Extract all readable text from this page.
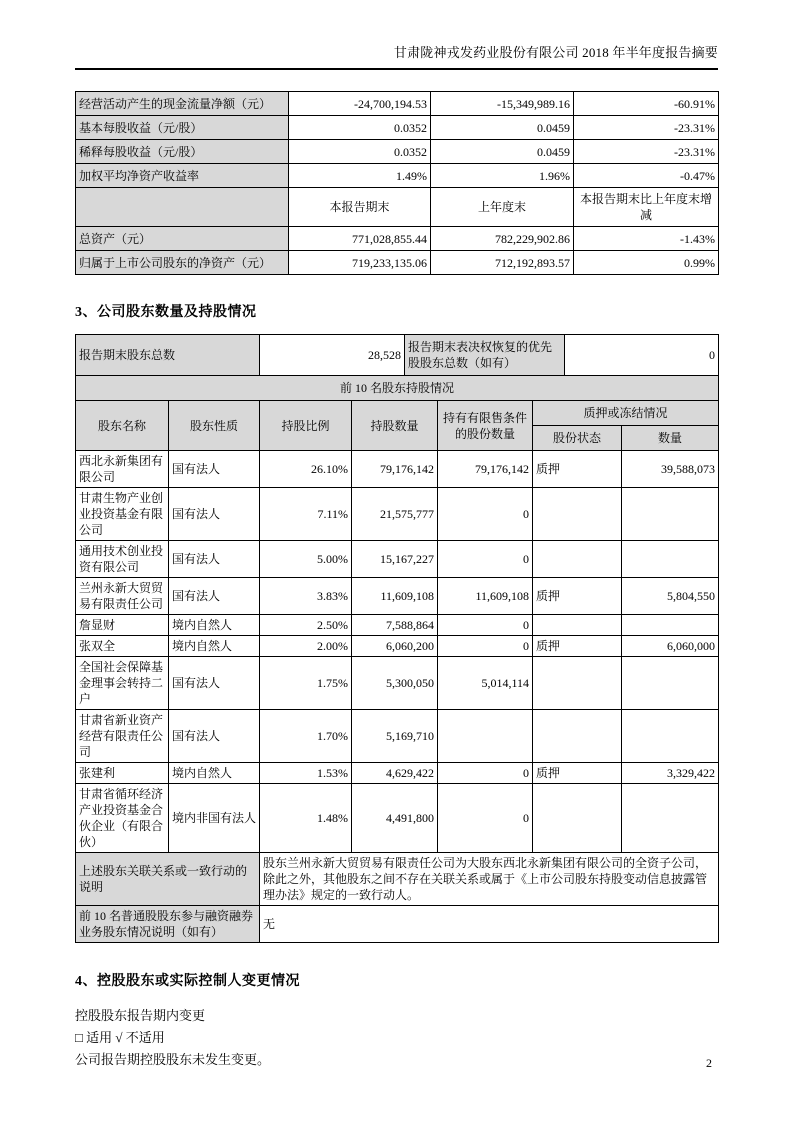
甘肃陇神戎发药业股份有限公司 2018 年半年度报告摘要
经营活动产生的现金流量净额（元）	-24,700,194.53	-15,349,989.16	-60.91%
基本每股收益（元/股）	0.0352	0.0459	-23.31%
稀释每股收益（元/股）	0.0352	0.0459	-23.31%
加权平均净资产收益率	1.49%	1.96%	-0.47%
	本报告期末	上年度末	本报告期末比上年度末增减
总资产（元）	771,028,855.44	782,229,902.86	-1.43%
归属于上市公司股东的净资产（元）	719,233,135.06	712,192,893.57	0.99%
3、公司股东数量及持股情况
报告期末股东总数		28,528		报告期末表决权恢复的优先股股东总数（如有）			0	
前 10 名股东持股情况								
股东名称	股东性质	持股比例	持股数量		持有有限售条件的股份数量	质押或冻结情况		
						股份状态		数量
西北永新集团有限公司	国有法人	26.10%	79,176,142		79,176,142	质押		39,588,073
甘肃生物产业创业投资基金有限公司	国有法人	7.11%	21,575,777		0			
通用技术创业投资有限公司	国有法人	5.00%	15,167,227		0			
兰州永新大贸贸易有限责任公司	国有法人	3.83%	11,609,108		11,609,108	质押		5,804,550
詹显财	境内自然人	2.50%	7,588,864		0			
张双全	境内自然人	2.00%	6,060,200		0	质押		6,060,000
全国社会保障基金理事会转持二户	国有法人	1.75%	5,300,050		5,014,114			
甘肃省新业资产经营有限责任公司	国有法人	1.70%	5,169,710					
张建利	境内自然人	1.53%	4,629,422		0	质押		3,329,422
甘肃省循环经济产业投资基金合伙企业（有限合伙）	境内非国有法人	1.48%	4,491,800		0			
上述股东关联关系或一致行动的说明		股东兰州永新大贸贸易有限责任公司为大股东西北永新集团有限公司的全资子公司，除此之外，其他股东之间不存在关联关系或属于《上市公司股东持股变动信息披露管理办法》规定的一致行动人。						
前 10 名普通股股东参与融资融券业务股东情况说明（如有）		无						
4、控股股东或实际控制人变更情况

控股股东报告期内变更

□ 适用 √ 不适用

公司报告期控股股东未发生变更。	2
